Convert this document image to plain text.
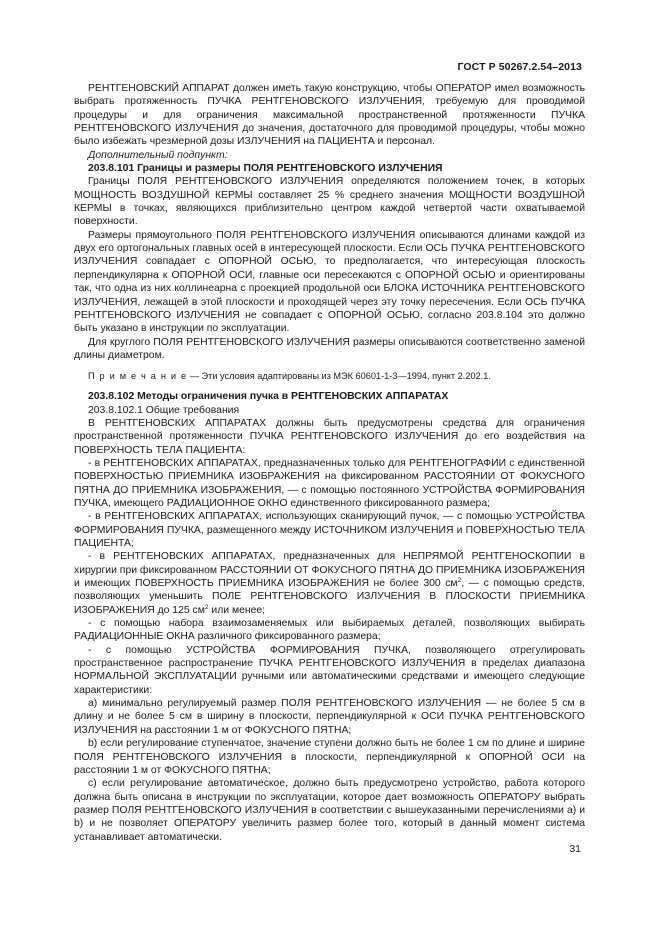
ГОСТ Р 50267.2.54–2013

РЕНТГЕНОВСКИЙ АППАРАТ должен иметь такую конструкцию, чтобы ОПЕРАТОР имел возможность выбрать протяженность ПУЧКА РЕНТГЕНОВСКОГО ИЗЛУЧЕНИЯ, требуемую для проводимой процедуры и для ограничения максимальной пространственной протяженности ПУЧКА РЕНТГЕНОВСКОГО ИЗЛУЧЕНИЯ до значения, достаточного для проводимой процедуры, чтобы можно было избежать чрезмерной дозы ИЗЛУЧЕНИЯ на ПАЦИЕНТА и персонал.

Дополнительный подпункт:

203.8.101 Границы и размеры ПОЛЯ РЕНТГЕНОВСКОГО ИЗЛУЧЕНИЯ

Границы ПОЛЯ РЕНТГЕНОВСКОГО ИЗЛУЧЕНИЯ определяются положением точек, в которых МОЩНОСТЬ ВОЗДУШНОЙ КЕРМЫ составляет 25 % среднего значения МОЩНОСТИ ВОЗДУШНОЙ КЕРМЫ в точках, являющихся приблизительно центром каждой четвертой части охватываемой поверхности.

Размеры прямоугольного ПОЛЯ РЕНТГЕНОВСКОГО ИЗЛУЧЕНИЯ описываются длинами каждой из двух его ортогональных главных осей в интересующей плоскости. Если ОСЬ ПУЧКА РЕНТГЕНОВСКОГО ИЗЛУЧЕНИЯ совпадает с ОПОРНОЙ ОСЬЮ, то предполагается, что интересующая плоскость перпендикулярна к ОПОРНОЙ ОСИ, главные оси пересекаются с ОПОРНОЙ ОСЬЮ и ориентированы так, что одна из них коллинеарна с проекцией продольной оси БЛОКА ИСТОЧНИКА РЕНТГЕНОВСКОГО ИЗЛУЧЕНИЯ, лежащей в этой плоскости и проходящей через эту точку пересечения. Если ОСЬ ПУЧКА РЕНТГЕНОВСКОГО ИЗЛУЧЕНИЯ не совпадает с ОПОРНОЙ ОСЬЮ, согласно 203.8.104 это должно быть указано в инструкции по эксплуатации.

Для круглого ПОЛЯ РЕНТГЕНОВСКОГО ИЗЛУЧЕНИЯ размеры описываются соответственно заменой длины диаметром.

П р и м е ч а н и е — Эти условия адаптированы из МЭК 60601-1-3—1994, пункт 2.202.1.

203.8.102 Методы ограничения пучка в РЕНТГЕНОВСКИХ АППАРАТАХ

203.8.102.1 Общие требования

В РЕНТГЕНОВСКИХ АППАРАТАХ должны быть предусмотрены средства для ограничения пространственной протяженности ПУЧКА РЕНТГЕНОВСКОГО ИЗЛУЧЕНИЯ до его воздействия на ПОВЕРХНОСТЬ ТЕЛА ПАЦИЕНТА:

- в РЕНТГЕНОВСКИХ АППАРАТАХ, предназначенных только для РЕНТГЕНОГРАФИИ с единственной ПОВЕРХНОСТЬЮ ПРИЕМНИКА ИЗОБРАЖЕНИЯ на фиксированном РАССТОЯНИИ ОТ ФОКУСНОГО ПЯТНА ДО ПРИЕМНИКА ИЗОБРАЖЕНИЯ, — с помощью постоянного УСТРОЙСТВА ФОРМИРОВАНИЯ ПУЧКА, имеющего РАДИАЦИОННОЕ ОКНО единственного фиксированного размера;

- в РЕНТГЕНОВСКИХ АППАРАТАХ, использующих сканирующий пучок, — с помощью УСТРОЙСТВА ФОРМИРОВАНИЯ ПУЧКА, размещенного между ИСТОЧНИКОМ ИЗЛУЧЕНИЯ и ПОВЕРХНОСТЬЮ ТЕЛА ПАЦИЕНТА;

- в РЕНТГЕНОВСКИХ АППАРАТАХ, предназначенных для НЕПРЯМОЙ РЕНТГЕНОСКОПИИ в хирургии при фиксированном РАССТОЯНИИ ОТ ФОКУСНОГО ПЯТНА ДО ПРИЕМНИКА ИЗОБРАЖЕНИЯ и имеющих ПОВЕРХНОСТЬ ПРИЕМНИКА ИЗОБРАЖЕНИЯ не более 300 $см^2$, — с помощью средств, позволяющих уменьшить ПОЛЕ РЕНТГЕНОВСКОГО ИЗЛУЧЕНИЯ В ПЛОСКОСТИ ПРИЕМНИКА ИЗОБРАЖЕНИЯ до 125 $см^2$ или менее;

- с помощью набора взаимозаменяемых или выбираемых деталей, позволяющих выбирать РАДИАЦИОННЫЕ ОКНА различного фиксированного размера;

- с помощью УСТРОЙСТВА ФОРМИРОВАНИЯ ПУЧКА, позволяющего отрегулировать пространственное распространение ПУЧКА РЕНТГЕНОВСКОГО ИЗЛУЧЕНИЯ в пределах диапазона НОРМАЛЬНОЙ ЭКСПЛУАТАЦИИ ручными или автоматическими средствами и имеющего следующие характеристики:

а) минимально регулируемый размер ПОЛЯ РЕНТГЕНОВСКОГО ИЗЛУЧЕНИЯ — не более 5 см в длину и не более 5 см в ширину в плоскости, перпендикулярной к ОСИ ПУЧКА РЕНТГЕНОВСКОГО ИЗЛУЧЕНИЯ на расстоянии 1 м от ФОКУСНОГО ПЯТНА;

b) если регулирование ступенчатое, значение ступени должно быть не более 1 см по длине и ширине ПОЛЯ РЕНТГЕНОВСКОГО ИЗЛУЧЕНИЯ в плоскости, перпендикулярной к ОПОРНОЙ ОСИ на расстоянии 1 м от ФОКУСНОГО ПЯТНА;

с) если регулирование автоматическое, должно быть предусмотрено устройство, работа которого должна быть описана в инструкции по эксплуатации, которое дает возможность ОПЕРАТОРУ выбрать размер ПОЛЯ РЕНТГЕНОВСКОГО ИЗЛУЧЕНИЯ в соответствии с вышеуказанными перечислениями а) и b) и не позволяет ОПЕРАТОРУ увеличить размер более того, который в данный момент система устанавливает автоматически.

31
